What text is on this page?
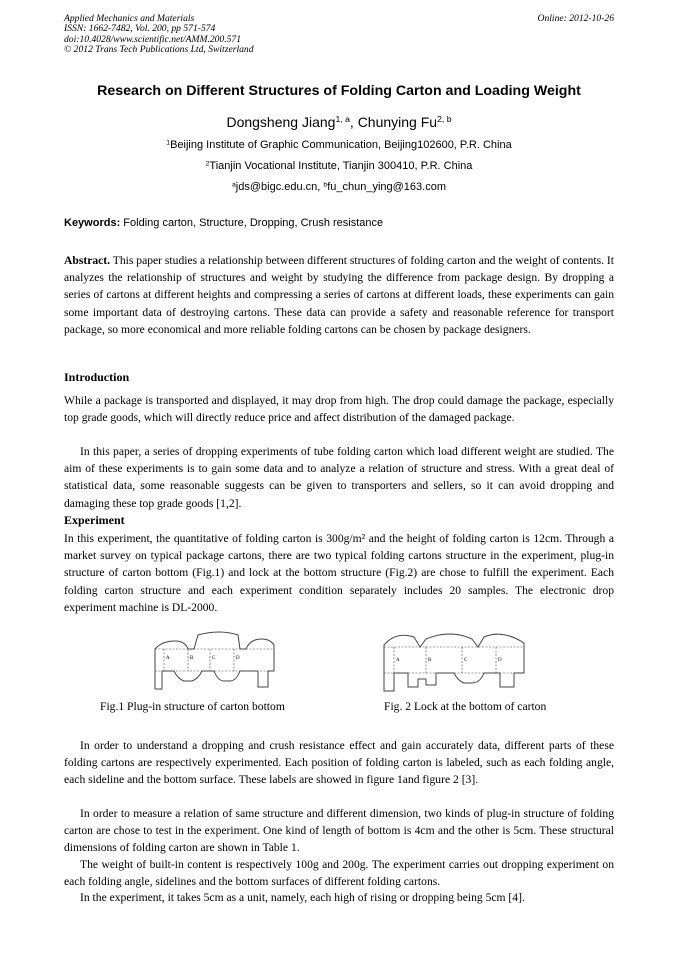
Applied Mechanics and Materials
ISSN: 1662-7482, Vol. 200, pp 571-574
doi:10.4028/www.scientific.net/AMM.200.571
© 2012 Trans Tech Publications Ltd, Switzerland
Online: 2012-10-26
Research on Different Structures of Folding Carton and Loading Weight
Dongsheng Jiang$^{1, a}$, Chunying Fu$^{2, b}$
$^1$Beijing Institute of Graphic Communication, Beijing102600, P.R. China
$^2$Tianjin Vocational Institute, Tianjin 300410, P.R. China
$^a$jds@bigc.edu.cn, $^b$fu_chun_ying@163.com
Keywords: Folding carton, Structure, Dropping, Crush resistance
Abstract. This paper studies a relationship between different structures of folding carton and the weight of contents. It analyzes the relationship of structures and weight by studying the difference from package design. By dropping a series of cartons at different heights and compressing a series of cartons at different loads, these experiments can gain some important data of destroying cartons. These data can provide a safety and reasonable reference for transport package, so more economical and more reliable folding cartons can be chosen by package designers.
Introduction
While a package is transported and displayed, it may drop from high. The drop could damage the package, especially top grade goods, which will directly reduce price and affect distribution of the damaged package.
In this paper, a series of dropping experiments of tube folding carton which load different weight are studied. The aim of these experiments is to gain some data and to analyze a relation of structure and stress. With a great deal of statistical data, some reasonable suggests can be given to transporters and sellers, so it can avoid dropping and damaging these top grade goods [1,2].
Experiment
In this experiment, the quantitative of folding carton is 300g/m² and the height of folding carton is 12cm. Through a market survey on typical package cartons, there are two typical folding cartons structure in the experiment, plug-in structure of carton bottom (Fig.1) and lock at the bottom structure (Fig.2) are chose to fulfill the experiment. Each folding carton structure and each experiment condition separately includes 20 samples. The electronic drop experiment machine is DL-2000.
A	B	C	D	A	B	C	D
Fig.1 Plug-in structure of carton bottom	Fig. 2 Lock at the bottom of carton
In order to understand a dropping and crush resistance effect and gain accurately data, different parts of these folding cartons are respectively experimented. Each position of folding carton is labeled, such as each folding angle, each sideline and the bottom surface. These labels are showed in figure 1and figure 2 [3].
In order to measure a relation of same structure and different dimension, two kinds of plug-in structure of folding carton are chose to test in the experiment. One kind of length of bottom is 4cm and the other is 5cm. These structural dimensions of folding carton are shown in Table 1.
The weight of built-in content is respectively 100g and 200g. The experiment carries out dropping experiment on each folding angle, sidelines and the bottom surfaces of different folding cartons.
In the experiment, it takes 5cm as a unit, namely, each high of rising or dropping being 5cm [4].
